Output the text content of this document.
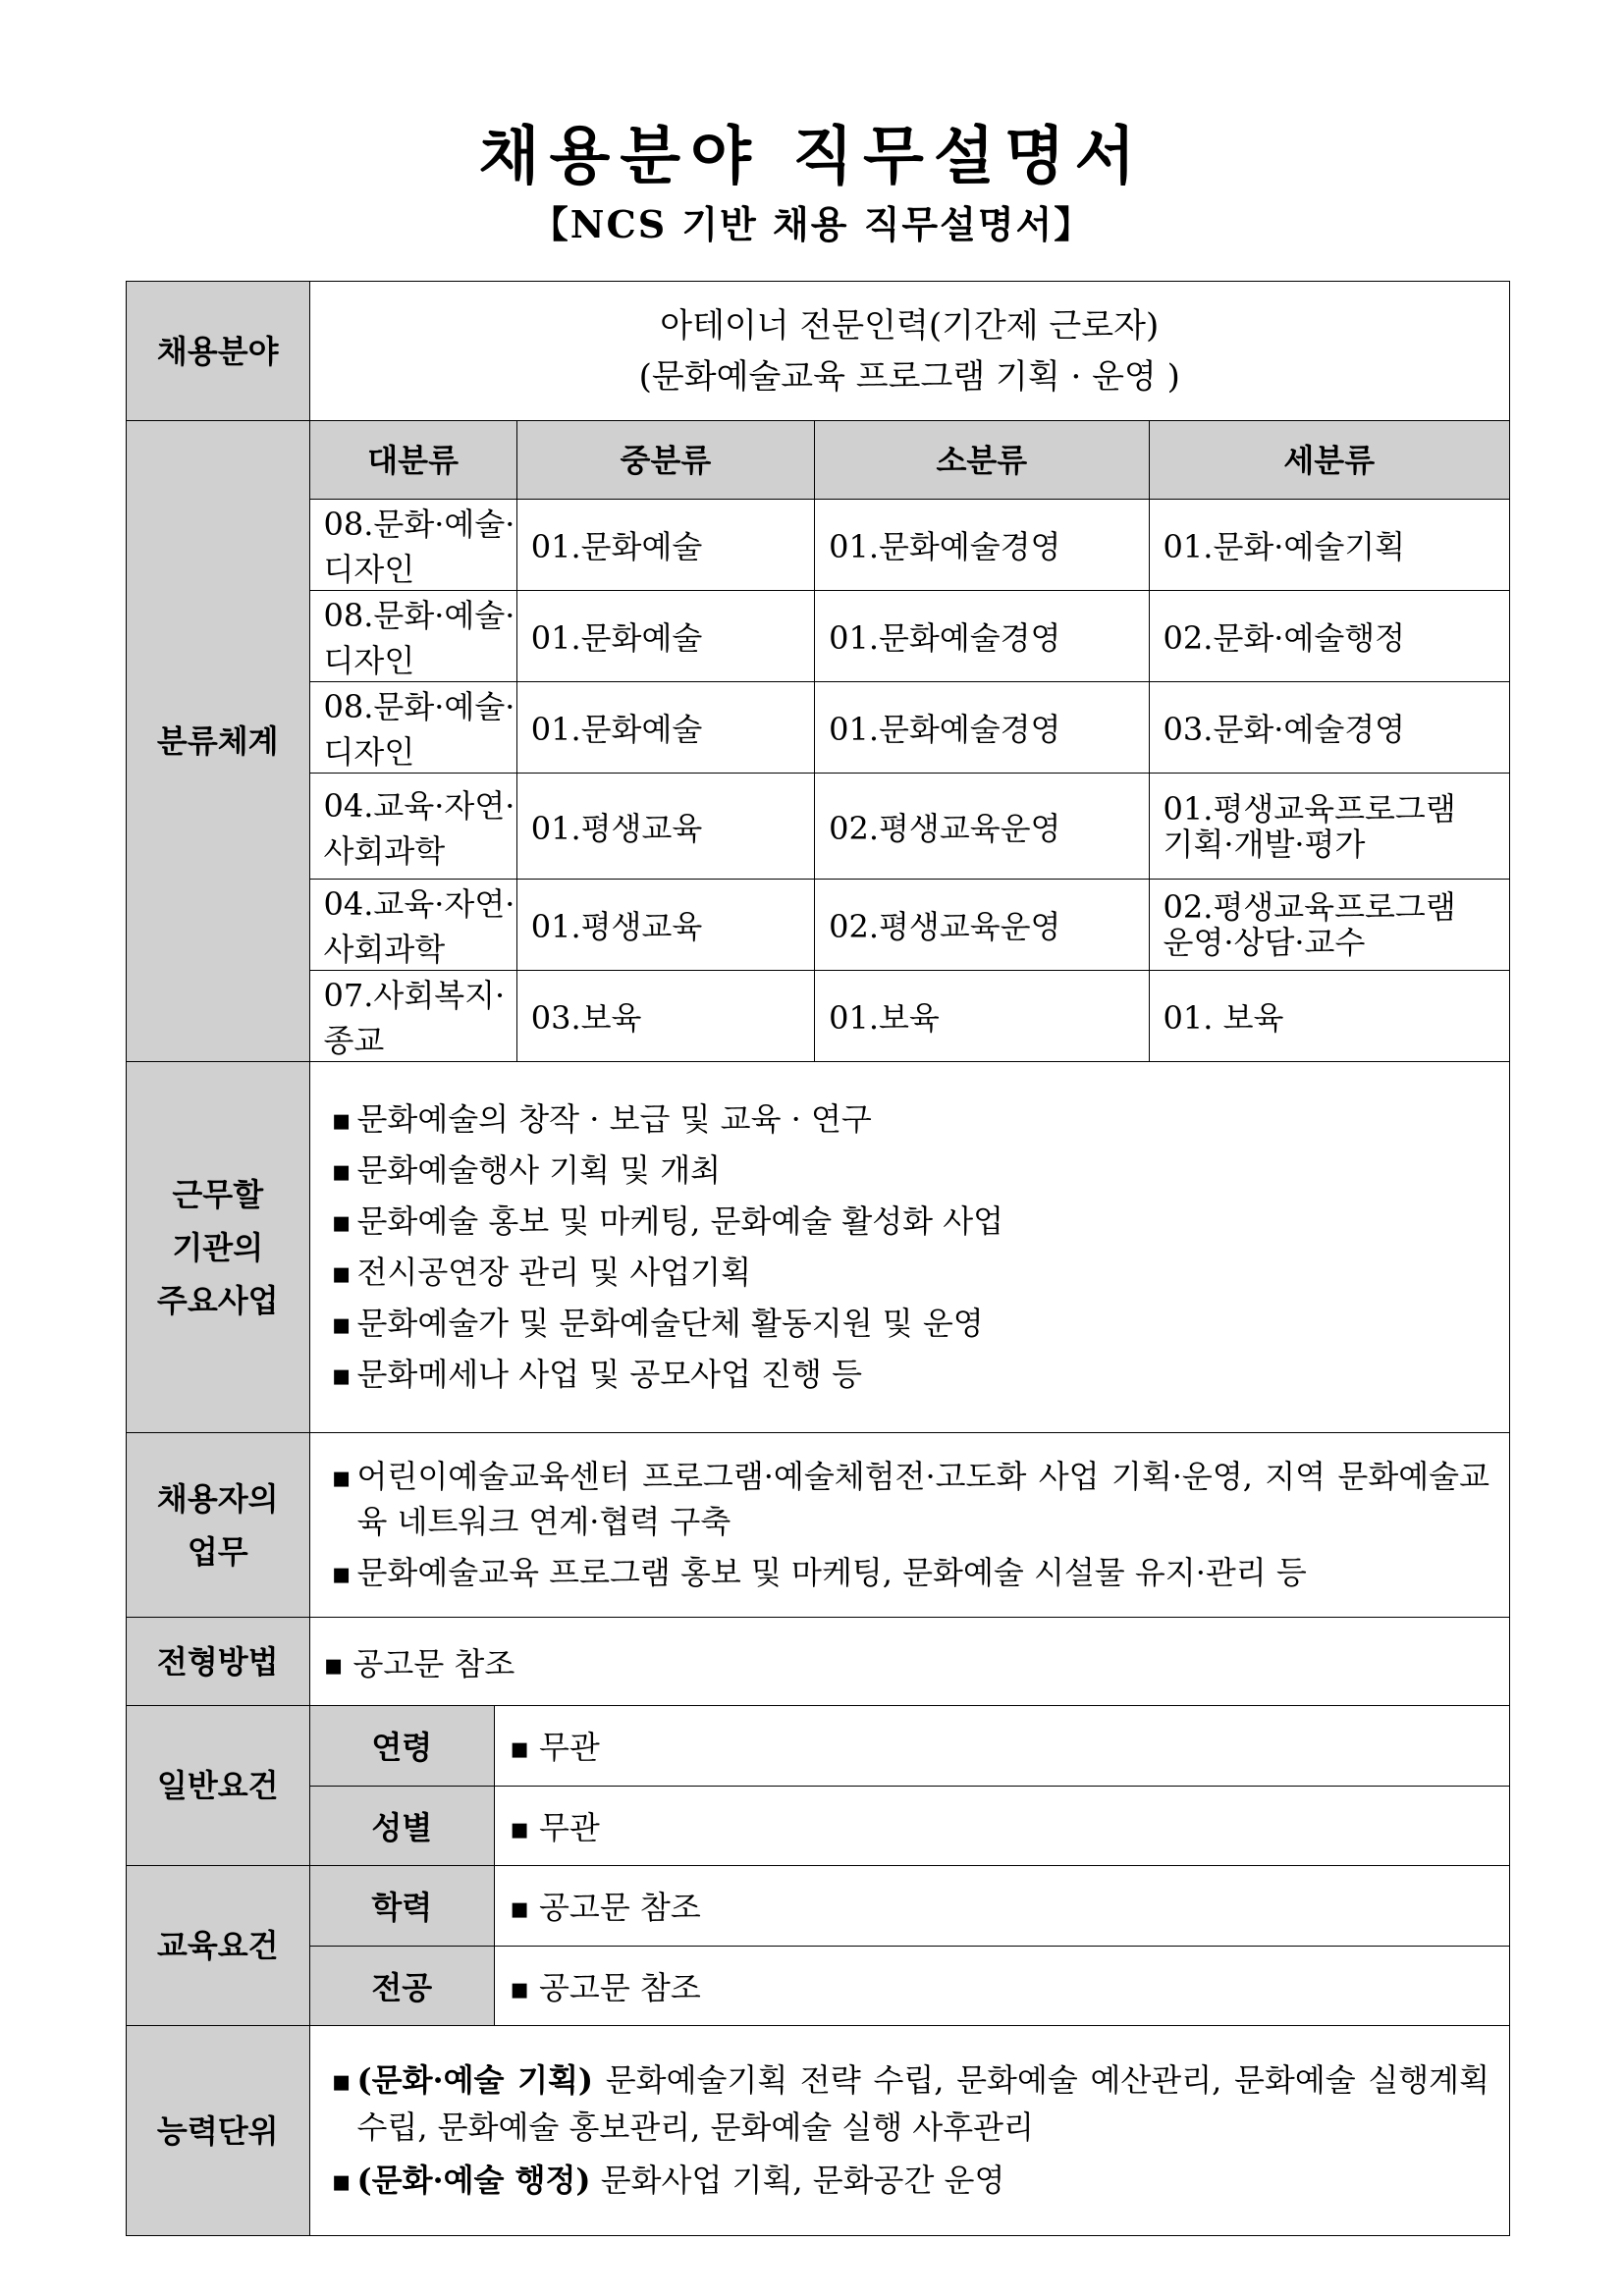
채용분야 직무설명서
【NCS 기반 채용 직무설명서】
채용분야	
아테이너 전문인력(기간제 근로자)
(문화예술교육 프로그램 기획 · 운영 )

분류체계	대분류	중분류	소분류	세분류
08.문화·예술·디자인	01.문화예술	01.문화예술경영	01.문화·예술기획
08.문화·예술·디자인	01.문화예술	01.문화예술경영	02.문화·예술행정
08.문화·예술·디자인	01.문화예술	01.문화예술경영	03.문화·예술경영
04.교육·자연·사회과학	01.평생교육	02.평생교육운영	01.평생교육프로그램
기획·개발·평가
04.교육·자연·사회과학	01.평생교육	02.평생교육운영	02.평생교육프로그램
운영·상담·교수
07.사회복지·종교	03.보육	01.보육	01. 보육

근무할
기관의
주요사업

▪ 문화예술의 창작 · 보급 및 교육 · 연구
▪ 문화예술행사 기획 및 개최
▪ 문화예술 홍보 및 마케팅, 문화예술 활성화 사업
▪ 전시공연장 관리 및 사업기획
▪ 문화예술가 및 문화예술단체 활동지원 및 운영
▪ 문화메세나 사업 및 공모사업 진행 등

채용자의
업무

▪ 어린이예술교육센터 프로그램·예술체험전·고도화 사업 기획·운영, 지역 문화예술교육 네트워크 연계·협력 구축
▪ 문화예술교육 프로그램 홍보 및 마케팅, 문화예술 시설물 유지·관리 등

전형방법	▪공고문 참조
일반요건	
연령	▪무관
성별	▪무관

교육요건	
학력	▪공고문 참조
전공	▪공고문 참조

능력단위	
▪ (문화·예술 기획) 문화예술기획 전략 수립, 문화예술 예산관리, 문화예술 실행계획수립, 문화예술 홍보관리, 문화예술 실행 사후관리
▪ (문화·예술 행정) 문화사업 기획, 문화공간 운영
